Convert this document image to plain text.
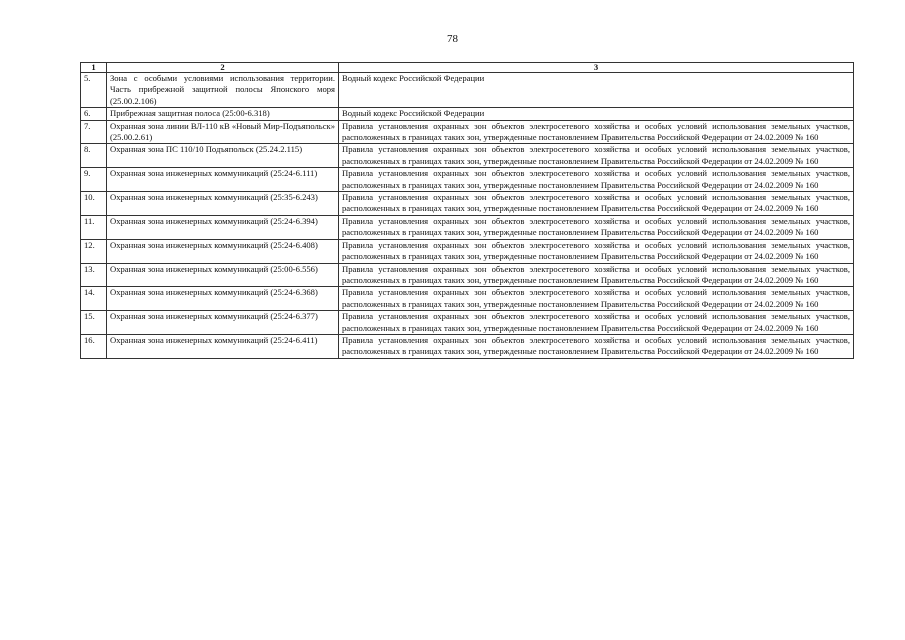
78
1	2	3
5.	Зона с особыми условиями использования территории. Часть прибрежной защитной полосы Японского моря (25.00.2.106)	Водный кодекс Российской Федерации
6.	Прибрежная защитная полоса (25:00-6.318)	Водный кодекс Российской Федерации
7.	Охранная зона линии ВЛ-110 кВ «Новый Мир-Подъяпольск» (25.00.2.61)	Правила установления охранных зон объектов электросетевого хозяйства и особых условий использования земельных участков, расположенных в границах таких зон, утвержденные постановлением Правительства Российской Федерации от 24.02.2009 № 160
8.	Охранная зона ПС 110/10 Подъяпольск (25.24.2.115)	Правила установления охранных зон объектов электросетевого хозяйства и особых условий использования земельных участков, расположенных в границах таких зон, утвержденные постановлением Правительства Российской Федерации от 24.02.2009 № 160
9.	Охранная зона инженерных коммуникаций (25:24-6.111)	Правила установления охранных зон объектов электросетевого хозяйства и особых условий использования земельных участков, расположенных в границах таких зон, утвержденные постановлением Правительства Российской Федерации от 24.02.2009 № 160
10.	Охранная зона инженерных коммуникаций (25:35-6.243)	Правила установления охранных зон объектов электросетевого хозяйства и особых условий использования земельных участков, расположенных в границах таких зон, утвержденные постановлением Правительства Российской Федерации от 24.02.2009 № 160
11.	Охранная зона инженерных коммуникаций (25:24-6.394)	Правила установления охранных зон объектов электросетевого хозяйства и особых условий использования земельных участков, расположенных в границах таких зон, утвержденные постановлением Правительства Российской Федерации от 24.02.2009 № 160
12.	Охранная зона инженерных коммуникаций (25:24-6.408)	Правила установления охранных зон объектов электросетевого хозяйства и особых условий использования земельных участков, расположенных в границах таких зон, утвержденные постановлением Правительства Российской Федерации от 24.02.2009 № 160
13.	Охранная зона инженерных коммуникаций (25:00-6.556)	Правила установления охранных зон объектов электросетевого хозяйства и особых условий использования земельных участков, расположенных в границах таких зон, утвержденные постановлением Правительства Российской Федерации от 24.02.2009 № 160
14.	Охранная зона инженерных коммуникаций (25:24-6.368)	Правила установления охранных зон объектов электросетевого хозяйства и особых условий использования земельных участков, расположенных в границах таких зон, утвержденные постановлением Правительства Российской Федерации от 24.02.2009 № 160
15.	Охранная зона инженерных коммуникаций (25:24-6.377)	Правила установления охранных зон объектов электросетевого хозяйства и особых условий использования земельных участков, расположенных в границах таких зон, утвержденные постановлением Правительства Российской Федерации от 24.02.2009 № 160
16.	Охранная зона инженерных коммуникаций (25:24-6.411)	Правила установления охранных зон объектов электросетевого хозяйства и особых условий использования земельных участков, расположенных в границах таких зон, утвержденные постановлением Правительства Российской Федерации от 24.02.2009 № 160
